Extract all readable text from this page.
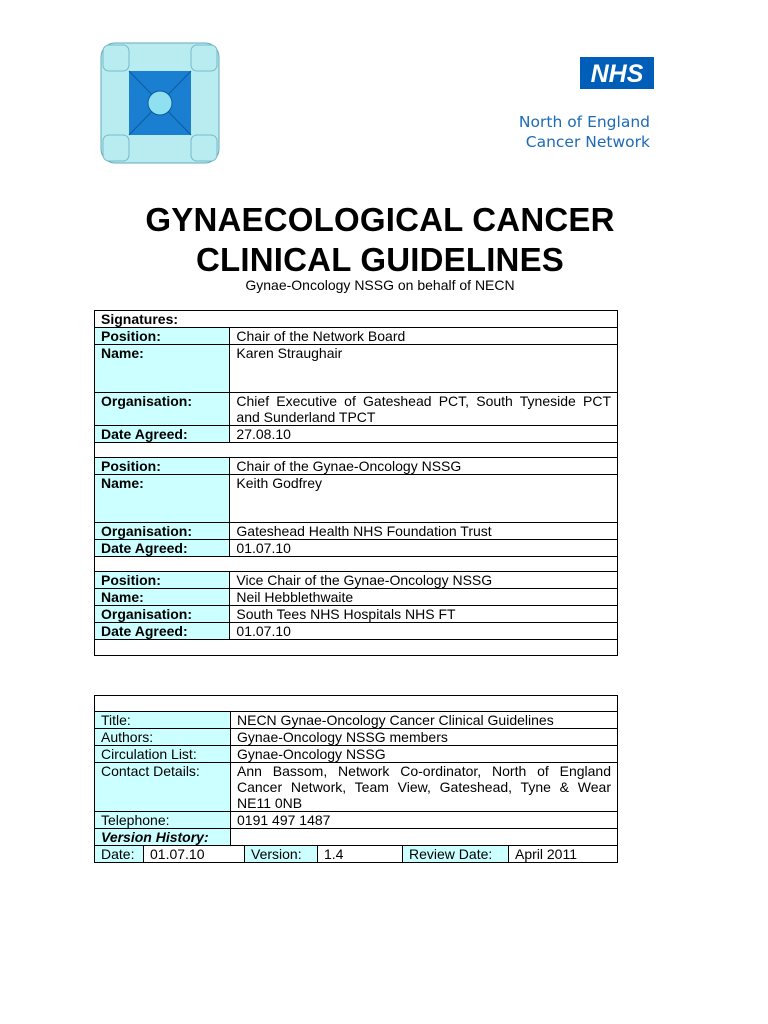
NHS
North of England
Cancer Network
GYNAECOLOGICAL CANCER
CLINICAL GUIDELINES
Gynae-Oncology NSSG on behalf of NECN
Signatures:	
Position:	Chair of the Network Board
Name:	Karen Straughair
Organisation:	Chief Executive of Gateshead PCT, South Tyneside PCT and Sunderland TPCT
Date Agreed:	27.08.10

Position:	Chair of the Gynae-Oncology NSSG
Name:	Keith Godfrey
Organisation:	Gateshead Health NHS Foundation Trust
Date Agreed:	01.07.10

Position:	Vice Chair of the Gynae-Oncology NSSG
Name:	Neil Hebblethwaite
Organisation:	South Tees NHS Hospitals NHS FT
Date Agreed:	01.07.10

Title:	NECN Gynae-Oncology Cancer Clinical Guidelines
Authors:	Gynae-Oncology NSSG members
Circulation List:	Gynae-Oncology NSSG
Contact Details:	Ann Bassom, Network Co-ordinator, North of England Cancer Network, Team View, Gateshead, Tyne & Wear NE11 0NB
Telephone:	0191 497 1487
Version History:	

Date:	01.07.10	Version:	1.4	Review Date:	April 2011
